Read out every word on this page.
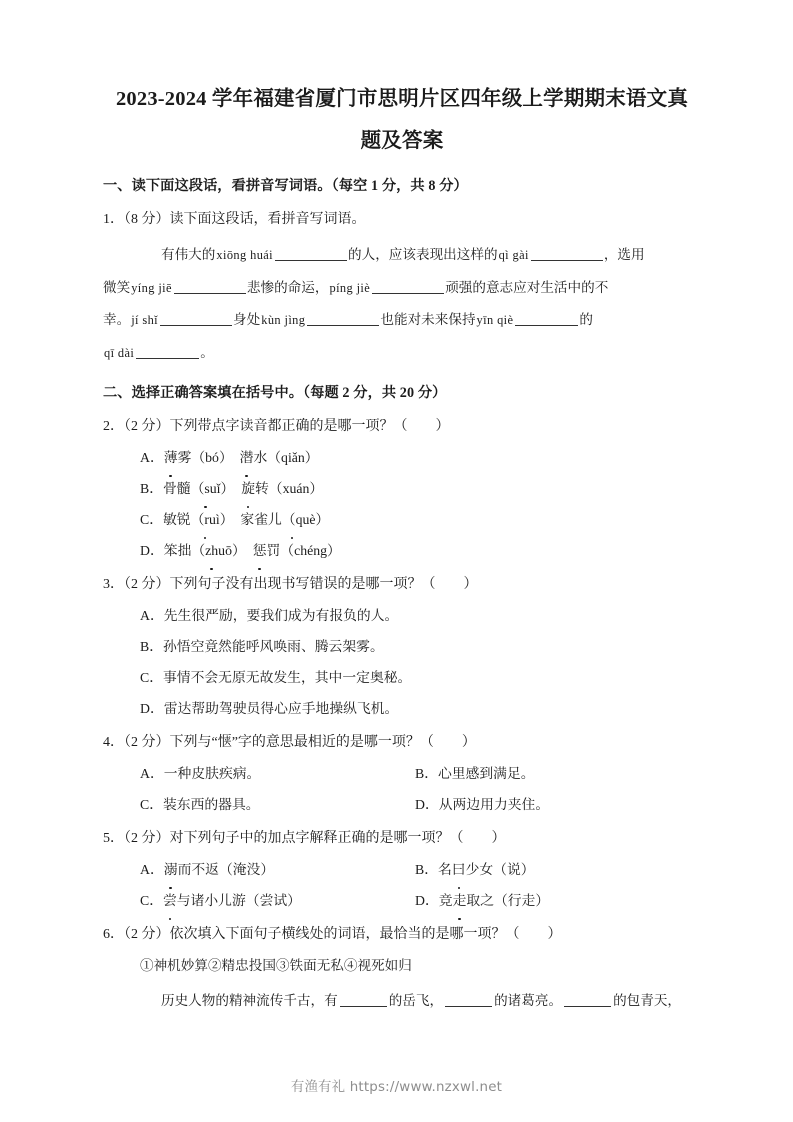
2023-2024 学年福建省厦门市思明片区四年级上学期期末语文真题及答案
一、读下面这段话，看拼音写词语。（每空 1 分，共 8 分）
1．（8 分）读下面这段话，看拼音写词语。
有伟大的xiōng huái	的人，应该表现出这样的qì gài	，选用
微笑yíng jiē	悲惨的命运，píng jiè	顽强的意志应对生活中的不
幸。jí shǐ	身处kùn jìng	也能对未来保持yīn qiè	的
qī dài	。
二、选择正确答案填在括号中。（每题 2 分，共 20 分）
2．（2 分）下列带点字读音都正确的是哪一项？（　　）
A．薄雾（bó） 潜水（qiǎn）
B．骨髓（suǐ） 旋转（xuán）
C．敏锐（ruì） 家雀儿（què）
D．笨拙（zhuō） 惩罚（chéng）
3．（2 分）下列句子没有出现书写错误的是哪一项？（　　）
A．先生很严励，要我们成为有报负的人。
B．孙悟空竟然能呼风唤雨、腾云架雾。
C．事情不会无原无故发生，其中一定奥秘。
D．雷达帮助驾驶员得心应手地操纵飞机。
4．（2 分）下列与“惬”字的意思最相近的是哪一项？（　　）
A．一种皮肤疾病。	B．心里感到满足。
C．装东西的器具。	D．从两边用力夹住。
5．（2 分）对下列句子中的加点字解释正确的是哪一项？（　　）
A．溺而不返（淹没）	B．名曰少女（说）
C．尝与诸小儿游（尝试）	D．竞走取之（行走）
6．（2 分）依次填入下面句子横线处的词语，最恰当的是哪一项？（　　）
①神机妙算②精忠投国③铁面无私④视死如归
历史人物的精神流传千古，有	的岳飞，	的诸葛亮。	的包青天，
有渔有礼 https://www.nzxwl.net
